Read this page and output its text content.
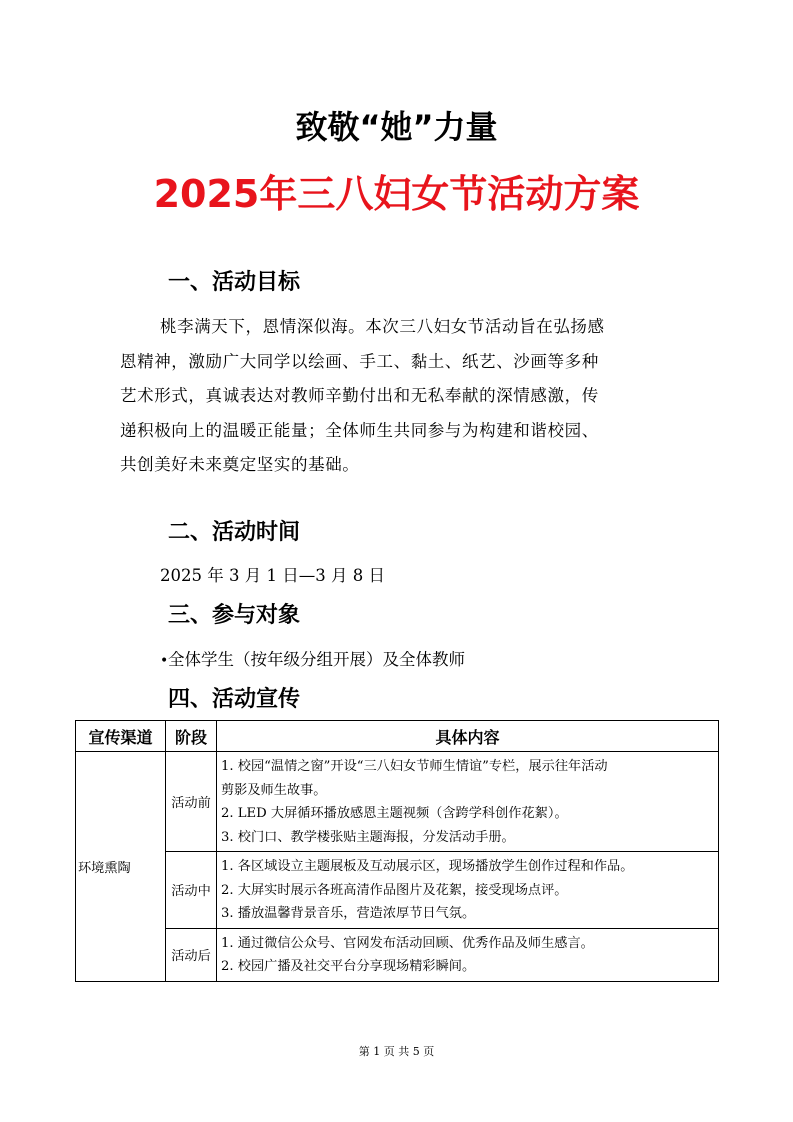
致敬“她”力量
2025年三八妇女节活动方案
一、活动目标
桃李满天下，恩情深似海。本次三八妇女节活动旨在弘扬感
恩精神，激励广大同学以绘画、手工、黏土、纸艺、沙画等多种
艺术形式，真诚表达对教师辛勤付出和无私奉献的深情感激，传
递积极向上的温暖正能量；全体师生共同参与为构建和谐校园、
共创美好未来奠定坚实的基础。
二、活动时间
2025 年 3 月 1 日—3 月 8 日
三、参与对象
•全体学生（按年级分组开展）及全体教师
四、活动宣传
宣传渠道	阶段	具体内容
环境熏陶	活动前	1. 校园“温情之窗”开设“三八妇女节师生情谊”专栏，展示往年活动
剪影及师生故事。
2. LED 大屏循环播放感恩主题视频（含跨学科创作花絮）。
3. 校门口、教学楼张贴主题海报，分发活动手册。

	活动中	1. 各区域设立主题展板及互动展示区，现场播放学生创作过程和作品。
2. 大屏实时展示各班高清作品图片及花絮，接受现场点评。
3. 播放温馨背景音乐，营造浓厚节日气氛。

	活动后	1. 通过微信公众号、官网发布活动回顾、优秀作品及师生感言。
2. 校园广播及社交平台分享现场精彩瞬间。
第 1 页 共 5 页
